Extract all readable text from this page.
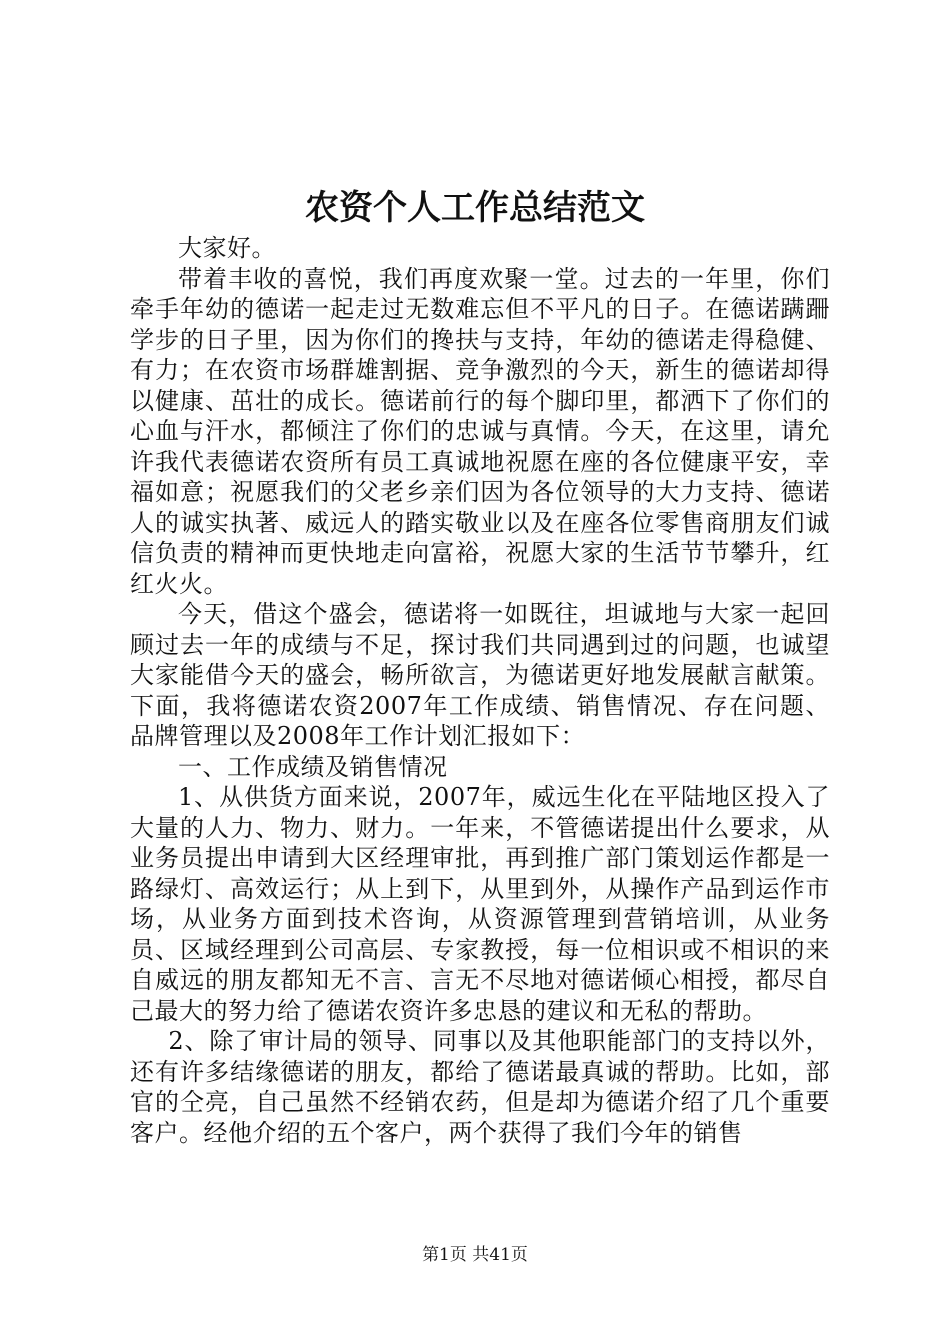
农资个人工作总结范文

大家好。

带着丰收的喜悦，我们再度欢聚一堂。过去的一年里，你们牵手年幼的德诺一起走过无数难忘但不平凡的日子。在德诺蹒跚学步的日子里，因为你们的搀扶与支持，年幼的德诺走得稳健、有力；在农资市场群雄割据、竞争激烈的今天，新生的德诺却得以健康、茁壮的成长。德诺前行的每个脚印里，都洒下了你们的心血与汗水，都倾注了你们的忠诚与真情。今天，在这里，请允许我代表德诺农资所有员工真诚地祝愿在座的各位健康平安，幸福如意；祝愿我们的父老乡亲们因为各位领导的大力支持、德诺人的诚实执著、威远人的踏实敬业以及在座各位零售商朋友们诚信负责的精神而更快地走向富裕，祝愿大家的生活节节攀升，红红火火。

今天，借这个盛会，德诺将一如既往，坦诚地与大家一起回顾过去一年的成绩与不足，探讨我们共同遇到过的问题，也诚望大家能借今天的盛会，畅所欲言，为德诺更好地发展献言献策。下面，我将德诺农资2007年工作成绩、销售情况、存在问题、品牌管理以及2008年工作计划汇报如下：

一、工作成绩及销售情况

1、从供货方面来说，2007年，威远生化在平陆地区投入了大量的人力、物力、财力。一年来，不管德诺提出什么要求，从业务员提出申请到大区经理审批，再到推广部门策划运作都是一路绿灯、高效运行；从上到下，从里到外，从操作产品到运作市场，从业务方面到技术咨询，从资源管理到营销培训，从业务员、区域经理到公司高层、专家教授，每一位相识或不相识的来自威远的朋友都知无不言、言无不尽地对德诺倾心相授，都尽自己最大的努力给了德诺农资许多忠恳的建议和无私的帮助。

2、除了审计局的领导、同事以及其他职能部门的支持以外，还有许多结缘德诺的朋友，都给了德诺最真诚的帮助。比如，部官的仝亮，自己虽然不经销农药，但是却为德诺介绍了几个重要客户。经他介绍的五个客户，两个获得了我们今年的销售

第1页 共41页
